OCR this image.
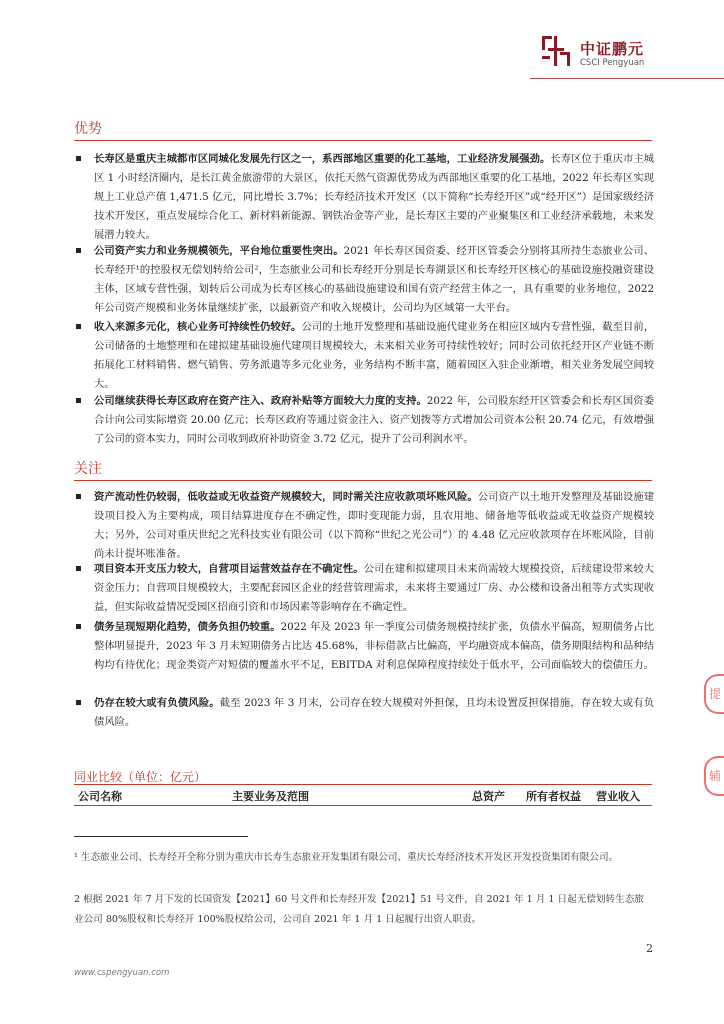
中证鹏元
CSCI Pengyuan
优势

长寿区是重庆主城都市区同城化发展先行区之一，系西部地区重要的化工基地，工业经济发展强劲。长寿区位于重庆市主城区 1 小时经济圈内，是长江黄金旅游带的大景区，依托天然气资源优势成为西部地区重要的化工基地，2022 年长寿区实现规上工业总产值 1,471.5 亿元，同比增长 3.7%；长寿经济技术开发区（以下简称“长寿经开区”或“经开区”）是国家级经济技术开发区，重点发展综合化工、新材料新能源、钢铁冶金等产业，是长寿区主要的产业聚集区和工业经济承载地，未来发展潜力较大。

公司资产实力和业务规模领先，平台地位重要性突出。2021 年长寿区国资委、经开区管委会分别将其所持生态旅业公司、长寿经开¹的控股权无偿划转给公司²，生态旅业公司和长寿经开分别是长寿湖景区和长寿经开区核心的基础设施投融资建设主体，区域专营性强，划转后公司成为长寿区核心的基础设施建设和国有资产经营主体之一，具有重要的业务地位，2022 年公司资产规模和业务体量继续扩张，以最新资产和收入规模计，公司均为区域第一大平台。

收入来源多元化，核心业务可持续性仍较好。公司的土地开发整理和基础设施代建业务在相应区域内专营性强，截至目前，公司储备的土地整理和在建拟建基础设施代建项目规模较大，未来相关业务可持续性较好；同时公司依托经开区产业链不断拓展化工材料销售、燃气销售、劳务派遣等多元化业务，业务结构不断丰富，随着园区入驻企业渐增，相关业务发展空间较大。

公司继续获得长寿区政府在资产注入、政府补贴等方面较大力度的支持。2022 年，公司股东经开区管委会和长寿区国资委合计向公司实际增资 20.00 亿元；长寿区政府等通过资金注入、资产划拨等方式增加公司资本公积 20.74 亿元，有效增强了公司的资本实力，同时公司收到政府补助资金 3.72 亿元，提升了公司利润水平。

关注

资产流动性仍较弱，低收益或无收益资产规模较大，同时需关注应收款项坏账风险。公司资产以土地开发整理及基础设施建设项目投入为主要构成，项目结算进度存在不确定性，即时变现能力弱，且农用地、储备地等低收益或无收益资产规模较大；另外，公司对重庆世纪之光科技实业有限公司（以下简称“世纪之光公司”）的 4.48 亿元应收款项存在坏账风险，目前尚未计提坏账准备。

项目资本开支压力较大，自营项目运营效益存在不确定性。公司在建和拟建项目未来尚需较大规模投资，后续建设带来较大资金压力；自营项目规模较大，主要配套园区企业的经营管理需求，未来将主要通过厂房、办公楼和设备出租等方式实现收益，但实际收益情况受园区招商引资和市场因素等影响存在不确定性。

债务呈现短期化趋势，债务负担仍较重。2022 年及 2023 年一季度公司债务规模持续扩张，负债水平偏高，短期债务占比整体明显提升，2023 年 3 月末短期债务占比达 45.68%，非标借款占比偏高，平均融资成本偏高，债务期限结构和品种结构均有待优化；现金类资产对短债的覆盖水平不足，EBITDA 对利息保障程度持续处于低水平，公司面临较大的偿债压力。

仍存在较大或有负债风险。截至 2023 年 3 月末，公司存在较大规模对外担保，且均未设置反担保措施，存在较大或有负债风险。

同业比较（单位：亿元）
公司名称	主要业务及范围	总资产 所有者权益 营业收入
¹ 生态旅业公司、长寿经开全称分别为重庆市长寿生态旅业开发集团有限公司、重庆长寿经济技术开发区开发投资集团有限公司。
2 根据 2021 年 7 月下发的长国资发【2021】60 号文件和长寿经开发【2021】51 号文件，自 2021 年 1 月 1 日起无偿划转生态旅业公司 80%股权和长寿经开 100%股权给公司，公司自 2021 年 1 月 1 日起履行出资人职责。
2
www.cspengyuan.com
提
辅
